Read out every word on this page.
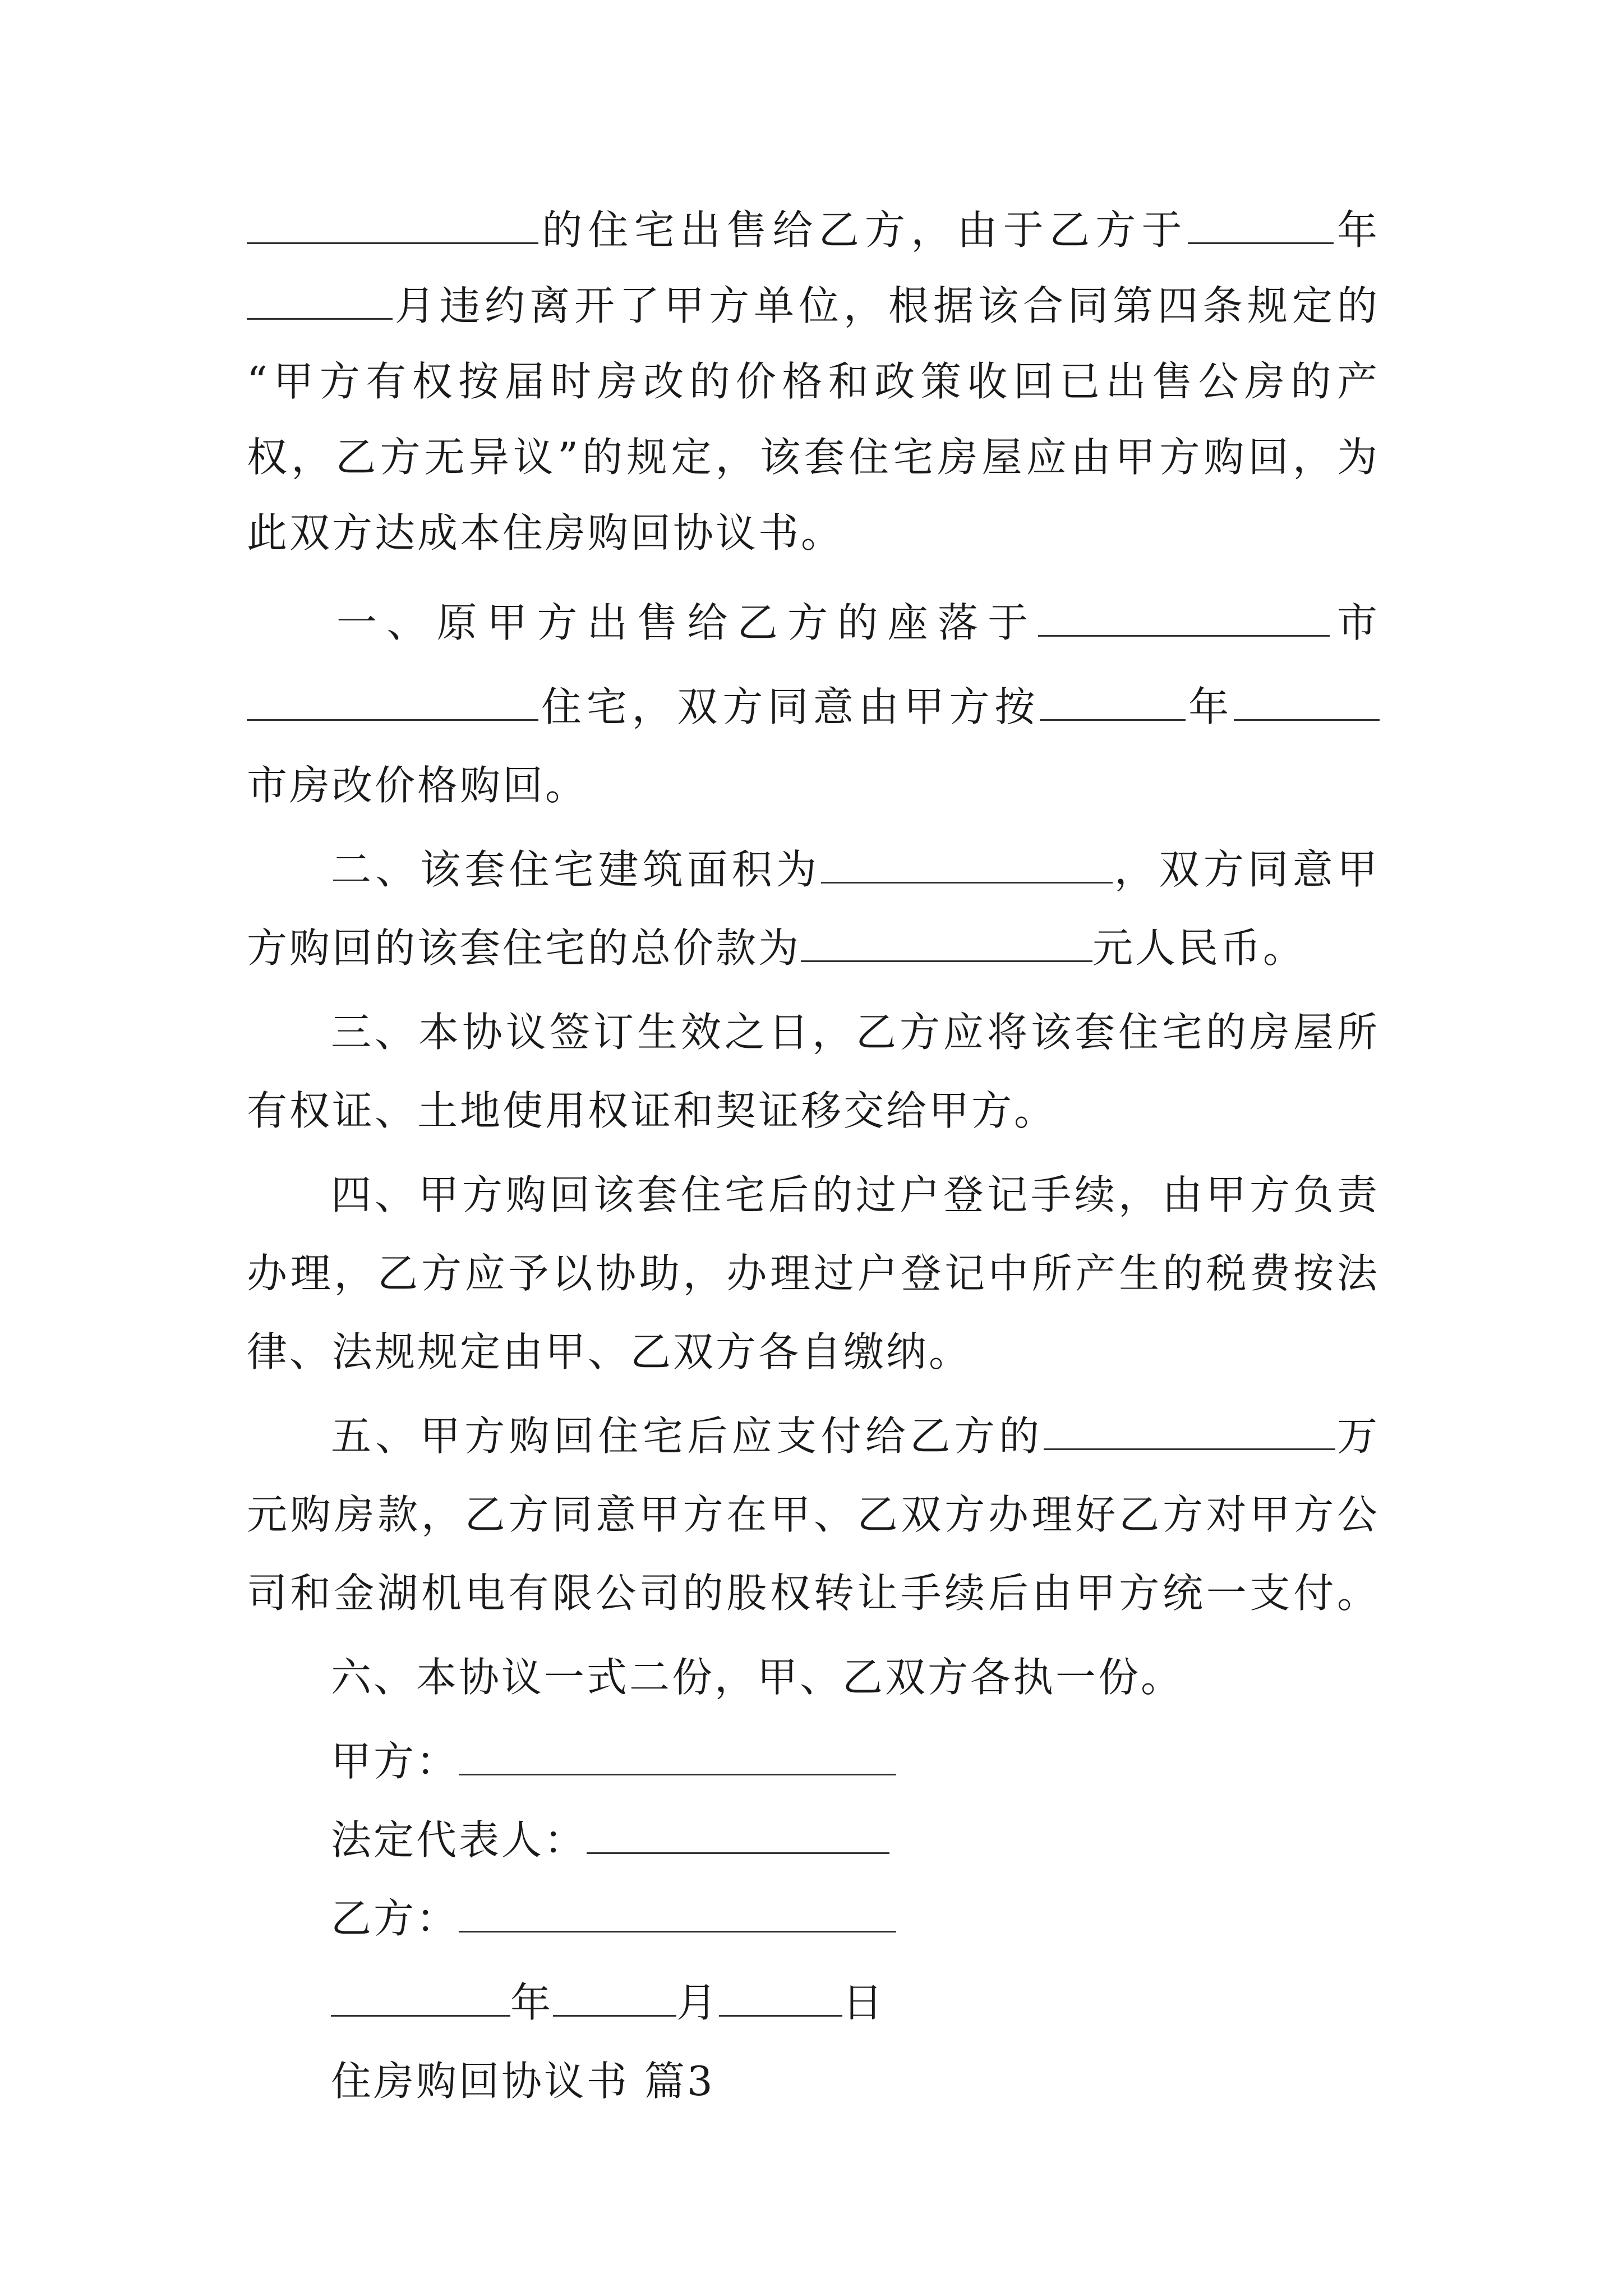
的住宅出售给乙方，由于乙方于	年
月违约离开了甲方单位，根据该合同第四条规定的
“甲方有权按届时房改的价格和政策收回已出售公房的产
权，乙方无异议”的规定，该套住宅房屋应由甲方购回，为
此双方达成本住房购回协议书。
一、原甲方出售给乙方的座落于	市
住宅，双方同意由甲方按	年
市房改价格购回。
二、该套住宅建筑面积为	，双方同意甲
方购回的该套住宅的总价款为	元人民币。
三、本协议签订生效之日，乙方应将该套住宅的房屋所
有权证、土地使用权证和契证移交给甲方。
四、甲方购回该套住宅后的过户登记手续，由甲方负责
办理，乙方应予以协助，办理过户登记中所产生的税费按法
律、法规规定由甲、乙双方各自缴纳。
五、甲方购回住宅后应支付给乙方的	万
元购房款，乙方同意甲方在甲、乙双方办理好乙方对甲方公
司和金湖机电有限公司的股权转让手续后由甲方统一支付。
六、本协议一式二份，甲、乙双方各执一份。
甲方：
法定代表人：
乙方：
年	月	日
住房购回协议书 篇3
